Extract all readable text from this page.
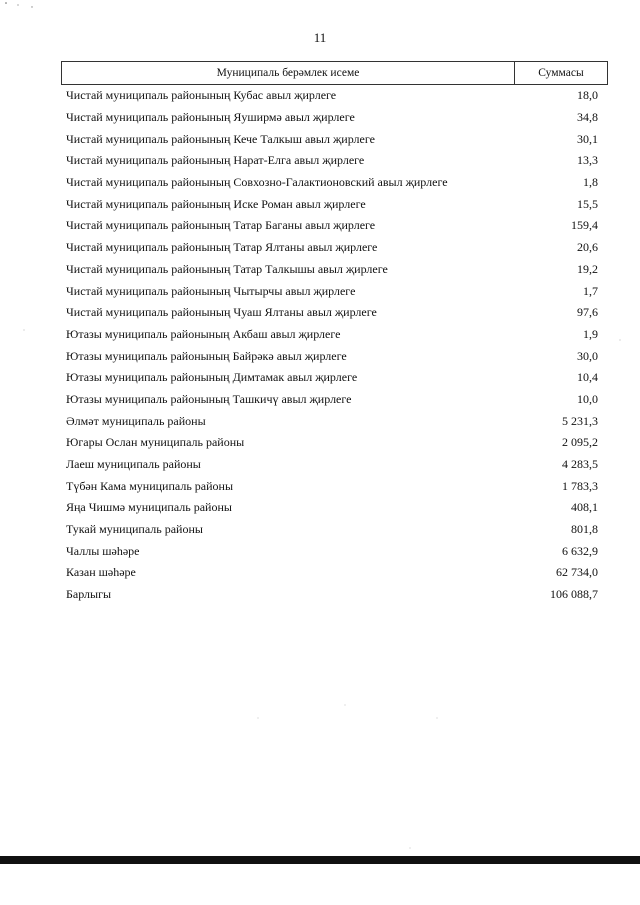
11
Муниципаль берәмлек исеме	Суммасы
Чистай муниципаль районының Кубас авыл җирлеге	18,0
Чистай муниципаль районының Яуширмә авыл җирлеге	34,8
Чистай муниципаль районының Кече Талкыш авыл җирлеге	30,1
Чистай муниципаль районының Нарат-Елга авыл җирлеге	13,3
Чистай муниципаль районының Совхозно-Галактионовский авыл җирлеге	1,8
Чистай муниципаль районының Иске Роман авыл җирлеге	15,5
Чистай муниципаль районының Татар Баганы авыл җирлеге	159,4
Чистай муниципаль районының Татар Ялтаны авыл җирлеге	20,6
Чистай муниципаль районының Татар Талкышы авыл җирлеге	19,2
Чистай муниципаль районының Чытырчы авыл җирлеге	1,7
Чистай муниципаль районының Чуаш Ялтаны авыл җирлеге	97,6
Ютазы муниципаль районының Акбаш авыл җирлеге	1,9
Ютазы муниципаль районының Байрәкә авыл җирлеге	30,0
Ютазы муниципаль районының Димтамак авыл җирлеге	10,4
Ютазы муниципаль районының Ташкичү авыл җирлеге	10,0
Әлмәт муниципаль районы	5 231,3
Югары Ослан муниципаль районы	2 095,2
Лаеш муниципаль районы	4 283,5
Түбән Кама муниципаль районы	1 783,3
Яңа Чишмә муниципаль районы	408,1
Тукай муниципаль районы	801,8
Чаллы шәһәре	6 632,9
Казан шәһәре	62 734,0
Барлыгы	106 088,7
